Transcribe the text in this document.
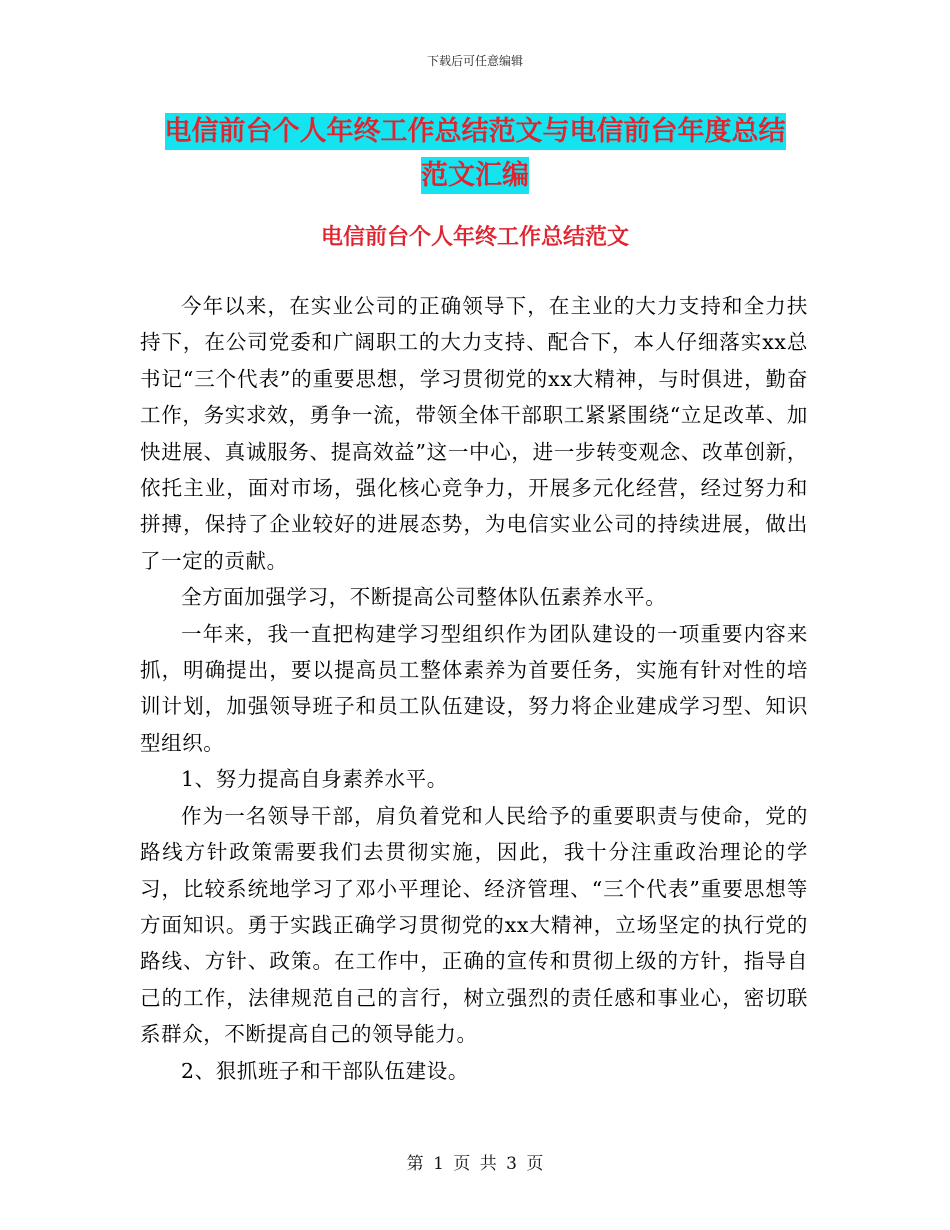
下载后可任意编辑
电信前台个人年终工作总结范文与电信前台年度总结
范文汇编
电信前台个人年终工作总结范文

今年以来，在实业公司的正确领导下，在主业的大力支持和全力扶持下，在公司党委和广阔职工的大力支持、配合下，本人仔细落实xx总书记“三个代表”的重要思想，学习贯彻党的xx大精神，与时俱进，勤奋工作，务实求效，勇争一流，带领全体干部职工紧紧围绕“立足改革、加快进展、真诚服务、提高效益”这一中心，进一步转变观念、改革创新，依托主业，面对市场，强化核心竞争力，开展多元化经营，经过努力和拼搏，保持了企业较好的进展态势，为电信实业公司的持续进展，做出了一定的贡献。

全方面加强学习，不断提高公司整体队伍素养水平。

一年来，我一直把构建学习型组织作为团队建设的一项重要内容来抓，明确提出，要以提高员工整体素养为首要任务，实施有针对性的培训计划，加强领导班子和员工队伍建设，努力将企业建成学习型、知识型组织。

1、努力提高自身素养水平。

作为一名领导干部，肩负着党和人民给予的重要职责与使命，党的路线方针政策需要我们去贯彻实施，因此，我十分注重政治理论的学习，比较系统地学习了邓小平理论、经济管理、“三个代表”重要思想等方面知识。勇于实践正确学习贯彻党的xx大精神，立场坚定的执行党的路线、方针、政策。在工作中，正确的宣传和贯彻上级的方针，指导自己的工作，法律规范自己的言行，树立强烈的责任感和事业心，密切联系群众，不断提高自己的领导能力。

2、狠抓班子和干部队伍建设。

第 1 页 共 3 页
